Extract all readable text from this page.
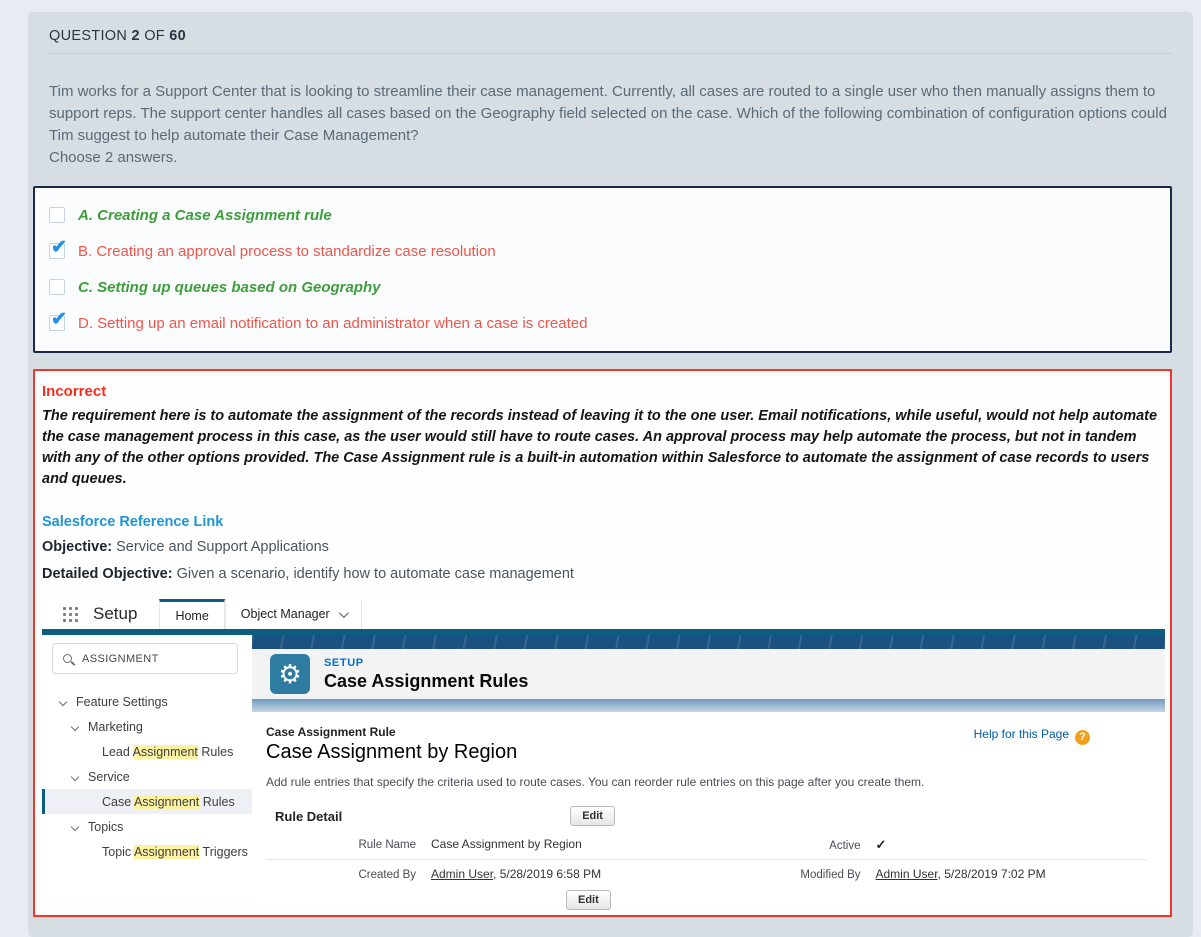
QUESTION 2 OF 60
Tim works for a Support Center that is looking to streamline their case management. Currently, all cases are routed to a single user who then manually assigns them to support reps. The support center handles all cases based on the Geography field selected on the case. Which of the following combination of configuration options could Tim suggest to help automate their Case Management?
Choose 2 answers.
A. Creating a Case Assignment rule
✔
B. Creating an approval process to standardize case resolution
C. Setting up queues based on Geography
✔
D. Setting up an email notification to an administrator when a case is created
Incorrect
The requirement here is to automate the assignment of the records instead of leaving it to the one user. Email notifications, while useful, would not help automate the case management process in this case, as the user would still have to route cases. An approval process may help automate the process, but not in tandem with any of the other options provided. The Case Assignment rule is a built-in automation within Salesforce to automate the assignment of case records to users and queues.
Salesforce Reference Link
Objective: Service and Support Applications
Detailed Objective: Given a scenario, identify how to automate case management
Setup	Home	Object Manager
ASSIGNMENT
Feature Settings
Marketing
Lead Assignment Rules
Service
Case Assignment Rules
Topics
Topic Assignment Triggers
⚙	SETUP
Case Assignment Rules
Case Assignment Rule	Help for this Page ?
Case Assignment by Region
Add rule entries that specify the criteria used to route cases. You can reorder rule entries on this page after you create them.
Rule Detail	Edit
Rule Name	Case Assignment by Region	Active	✓
Created By	Admin User, 5/28/2019 6:58 PM	Modified By	Admin User, 5/28/2019 7:02 PM
Edit
